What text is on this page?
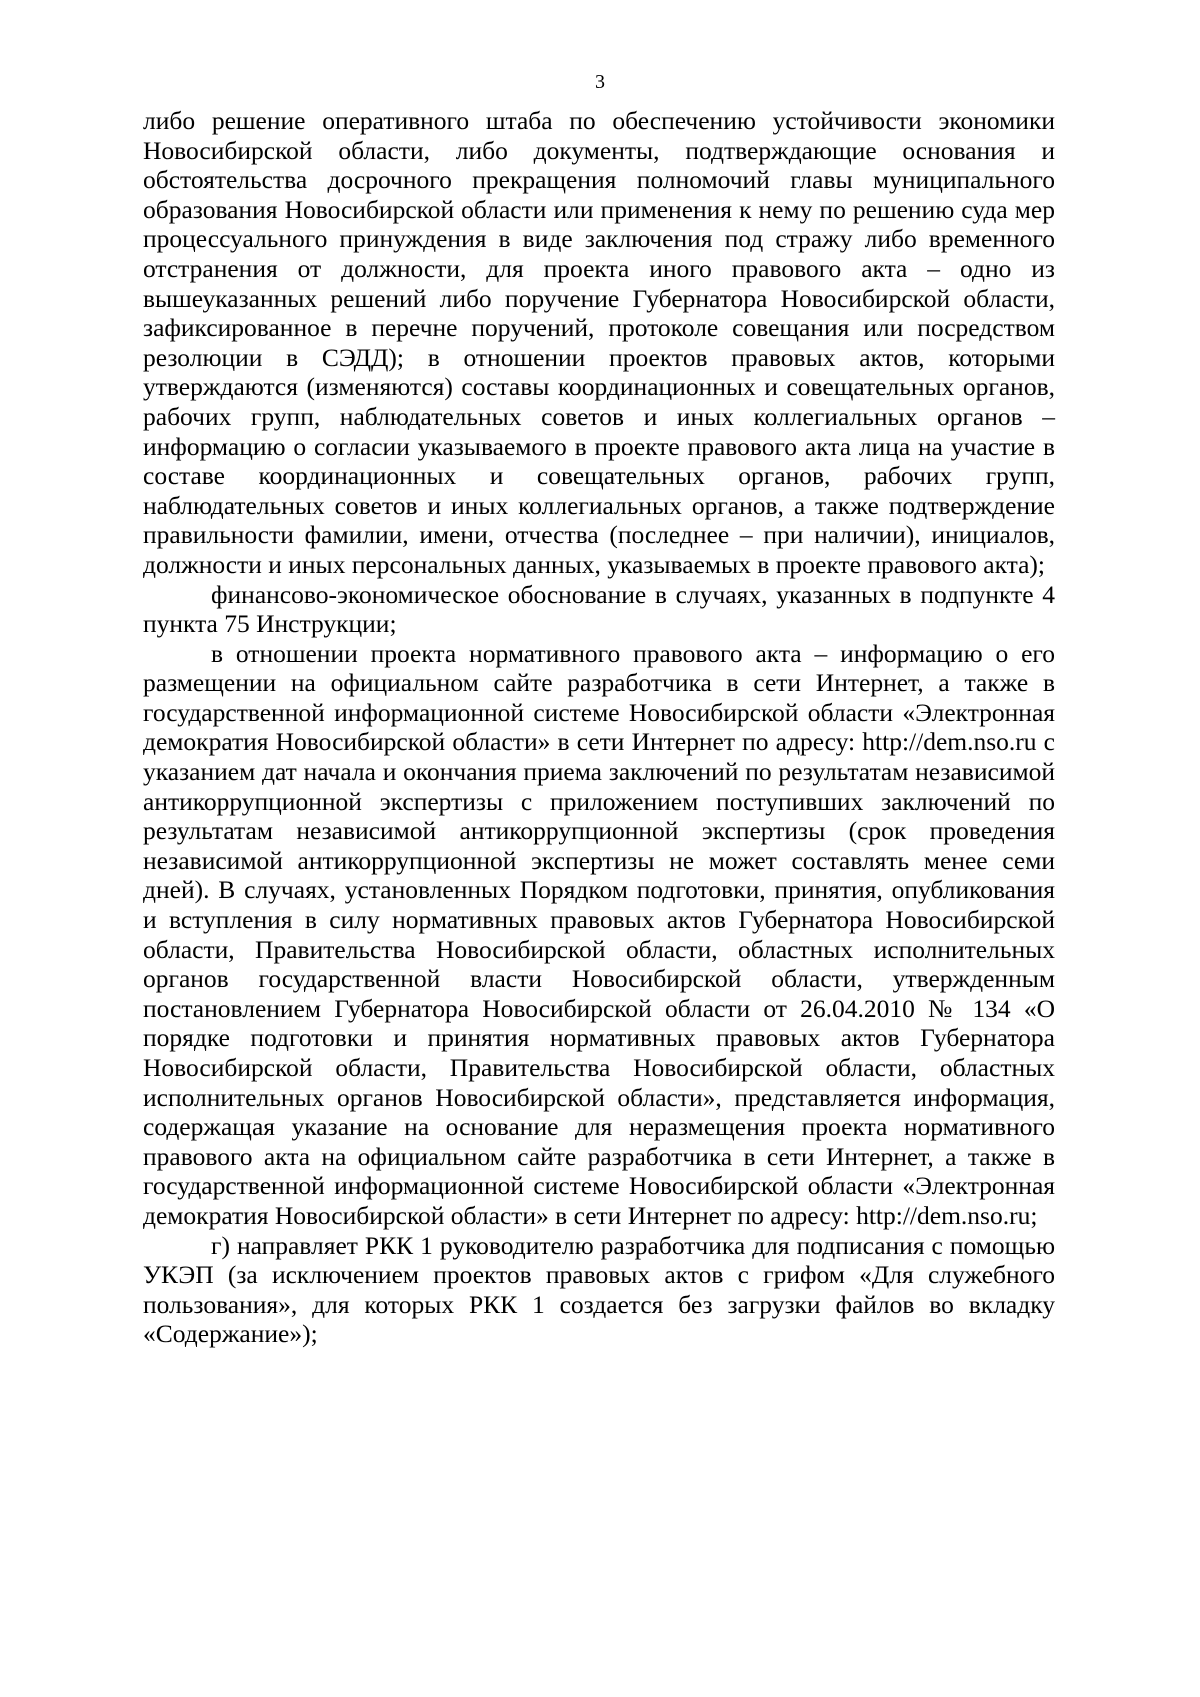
3

либо решение оперативного штаба по обеспечению устойчивости экономики Новосибирской области, либо документы, подтверждающие основания и обстоятельства досрочного прекращения полномочий главы муниципального образования Новосибирской области или применения к нему по решению суда мер процессуального принуждения в виде заключения под стражу либо временного отстранения от должности, для проекта иного правового акта – одно из вышеуказанных решений либо поручение Губернатора Новосибирской области, зафиксированное в перечне поручений, протоколе совещания или посредством резолюции в СЭДД); в отношении проектов правовых актов, которыми утверждаются (изменяются) составы координационных и совещательных органов, рабочих групп, наблюдательных советов и иных коллегиальных органов – информацию о согласии указываемого в проекте правового акта лица на участие в составе координационных и совещательных органов, рабочих групп, наблюдательных советов и иных коллегиальных органов, а также подтверждение правильности фамилии, имени, отчества (последнее – при наличии), инициалов, должности и иных персональных данных, указываемых в проекте правового акта);

финансово-экономическое обоснование в случаях, указанных в подпункте 4 пункта 75 Инструкции;

в отношении проекта нормативного правового акта – информацию о его размещении на официальном сайте разработчика в сети Интернет, а также в государственной информационной системе Новосибирской области «Электронная демократия Новосибирской области» в сети Интернет по адресу: http://dem.nso.ru с указанием дат начала и окончания приема заключений по результатам независимой антикоррупционной экспертизы с приложением поступивших заключений по результатам независимой антикоррупционной экспертизы (срок проведения независимой антикоррупционной экспертизы не может составлять менее семи дней). В случаях, установленных Порядком подготовки, принятия, опубликования и вступления в силу нормативных правовых актов Губернатора Новосибирской области, Правительства Новосибирской области, областных исполнительных органов государственной власти Новосибирской области, утвержденным постановлением Губернатора Новосибирской области от 26.04.2010 № 134 «О порядке подготовки и принятия нормативных правовых актов Губернатора Новосибирской области, Правительства Новосибирской области, областных исполнительных органов Новосибирской области», представляется информация, содержащая указание на основание для неразмещения проекта нормативного правового акта на официальном сайте разработчика в сети Интернет, а также в государственной информационной системе Новосибирской области «Электронная демократия Новосибирской области» в сети Интернет по адресу: http://dem.nso.ru;

г) направляет РКК 1 руководителю разработчика для подписания с помощью УКЭП (за исключением проектов правовых актов с грифом «Для служебного пользования», для которых РКК 1 создается без загрузки файлов во вкладку «Содержание»);
